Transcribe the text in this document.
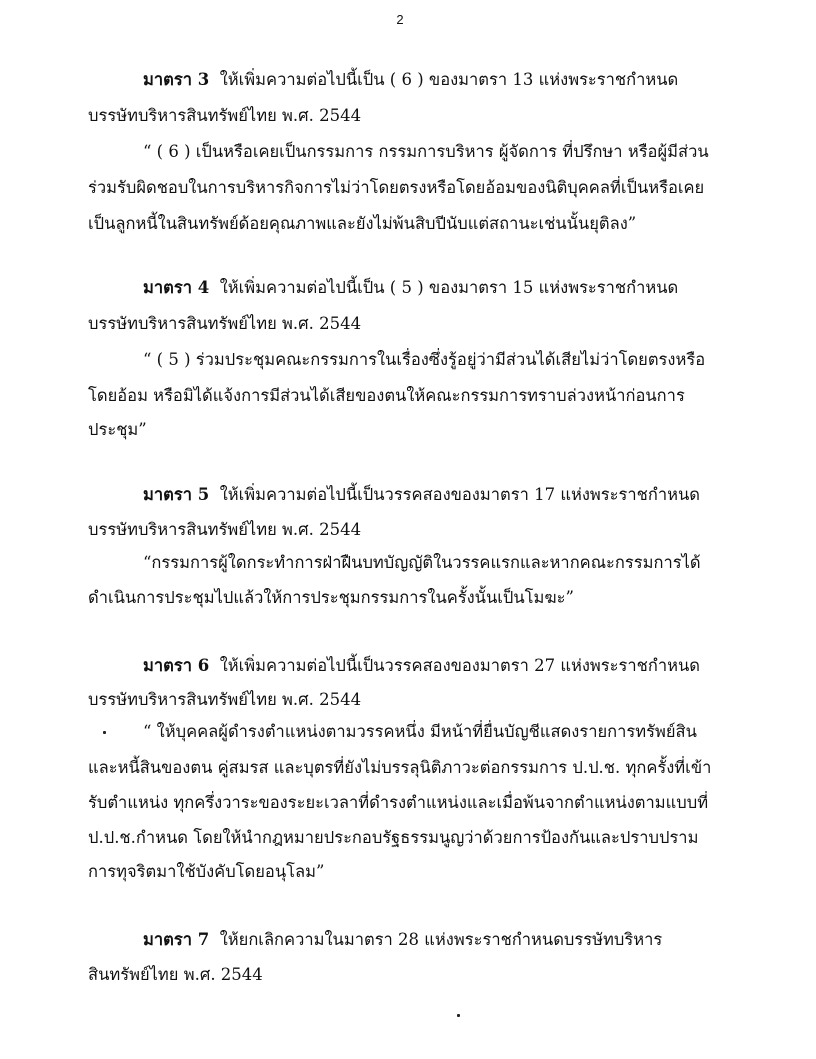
2
มาตรา 3 ให้เพิ่มความต่อไปนี้เป็น ( 6 ) ของมาตรา 13 แห่งพระราชกำหนด
บรรษัทบริหารสินทรัพย์ไทย พ.ศ. 2544
“ ( 6 ) เป็นหรือเคยเป็นกรรมการ กรรมการบริหาร ผู้จัดการ ที่ปรึกษา หรือผู้มีส่วน
ร่วมรับผิดชอบในการบริหารกิจการไม่ว่าโดยตรงหรือโดยอ้อมของนิติบุคคลที่เป็นหรือเคย
เป็นลูกหนี้ในสินทรัพย์ด้อยคุณภาพและยังไม่พ้นสิบปีนับแต่สถานะเช่นนั้นยุติลง”
มาตรา 4 ให้เพิ่มความต่อไปนี้เป็น ( 5 ) ของมาตรา 15 แห่งพระราชกำหนด
บรรษัทบริหารสินทรัพย์ไทย พ.ศ. 2544
“ ( 5 ) ร่วมประชุมคณะกรรมการในเรื่องซึ่งรู้อยู่ว่ามีส่วนได้เสียไม่ว่าโดยตรงหรือ
โดยอ้อม หรือมิได้แจ้งการมีส่วนได้เสียของตนให้คณะกรรมการทราบล่วงหน้าก่อนการ
ประชุม”
มาตรา 5 ให้เพิ่มความต่อไปนี้เป็นวรรคสองของมาตรา 17 แห่งพระราชกำหนด
บรรษัทบริหารสินทรัพย์ไทย พ.ศ. 2544
“กรรมการผู้ใดกระทำการฝ่าฝืนบทบัญญัติในวรรคแรกและหากคณะกรรมการได้
ดำเนินการประชุมไปแล้วให้การประชุมกรรมการในครั้งนั้นเป็นโมฆะ”
มาตรา 6 ให้เพิ่มความต่อไปนี้เป็นวรรคสองของมาตรา 27 แห่งพระราชกำหนด
บรรษัทบริหารสินทรัพย์ไทย พ.ศ. 2544
“ ให้บุคคลผู้ดำรงตำแหน่งตามวรรคหนึ่ง มีหน้าที่ยื่นบัญชีแสดงรายการทรัพย์สิน
และหนี้สินของตน คู่สมรส และบุตรที่ยังไม่บรรลุนิติภาวะต่อกรรมการ ป.ป.ช. ทุกครั้งที่เข้า
รับตำแหน่ง ทุกครึ่งวาระของระยะเวลาที่ดำรงตำแหน่งและเมื่อพ้นจากตำแหน่งตามแบบที่
ป.ป.ช.กำหนด โดยให้นำกฎหมายประกอบรัฐธรรมนูญว่าด้วยการป้องกันและปราบปราม
การทุจริตมาใช้บังคับโดยอนุโลม”
มาตรา 7 ให้ยกเลิกความในมาตรา 28 แห่งพระราชกำหนดบรรษัทบริหาร
สินทรัพย์ไทย พ.ศ. 2544
